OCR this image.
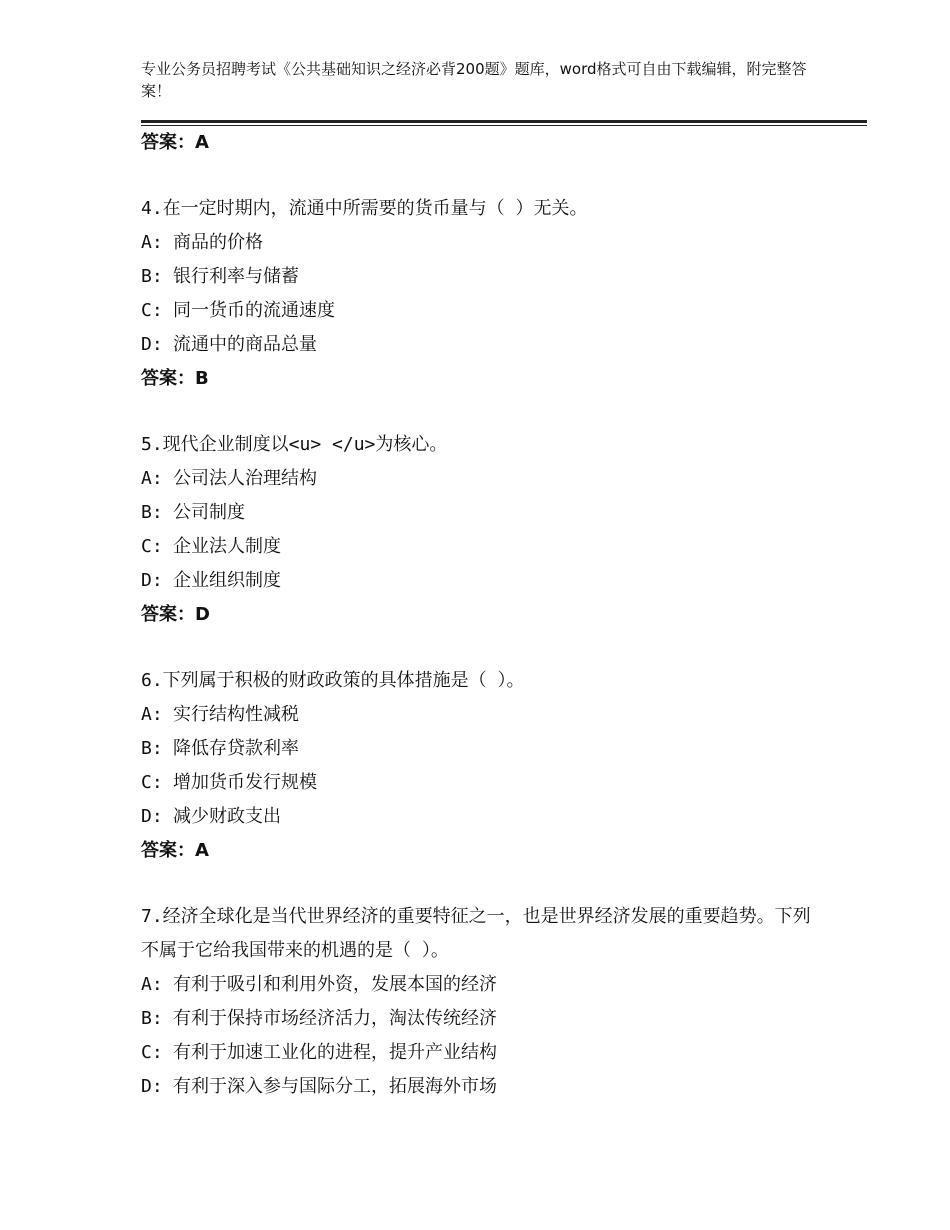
专业公务员招聘考试《公共基础知识之经济必背200题》题库，word格式可自由下载编辑，附完整答案！

答案：A

4.在一定时期内，流通中所需要的货币量与（ ）无关。

A: 商品的价格

B: 银行利率与储蓄

C: 同一货币的流通速度

D: 流通中的商品总量

答案：B

5.现代企业制度以<u> </u>为核心。

A: 公司法人治理结构

B: 公司制度

C: 企业法人制度

D: 企业组织制度

答案：D

6.下列属于积极的财政政策的具体措施是（ ）。

A: 实行结构性减税

B: 降低存贷款利率

C: 增加货币发行规模

D: 减少财政支出

答案：A

7.经济全球化是当代世界经济的重要特征之一，也是世界经济发展的重要趋势。下列不属于它给我国带来的机遇的是（ ）。

A: 有利于吸引和利用外资，发展本国的经济

B: 有利于保持市场经济活力，淘汰传统经济

C: 有利于加速工业化的进程，提升产业结构

D: 有利于深入参与国际分工，拓展海外市场
